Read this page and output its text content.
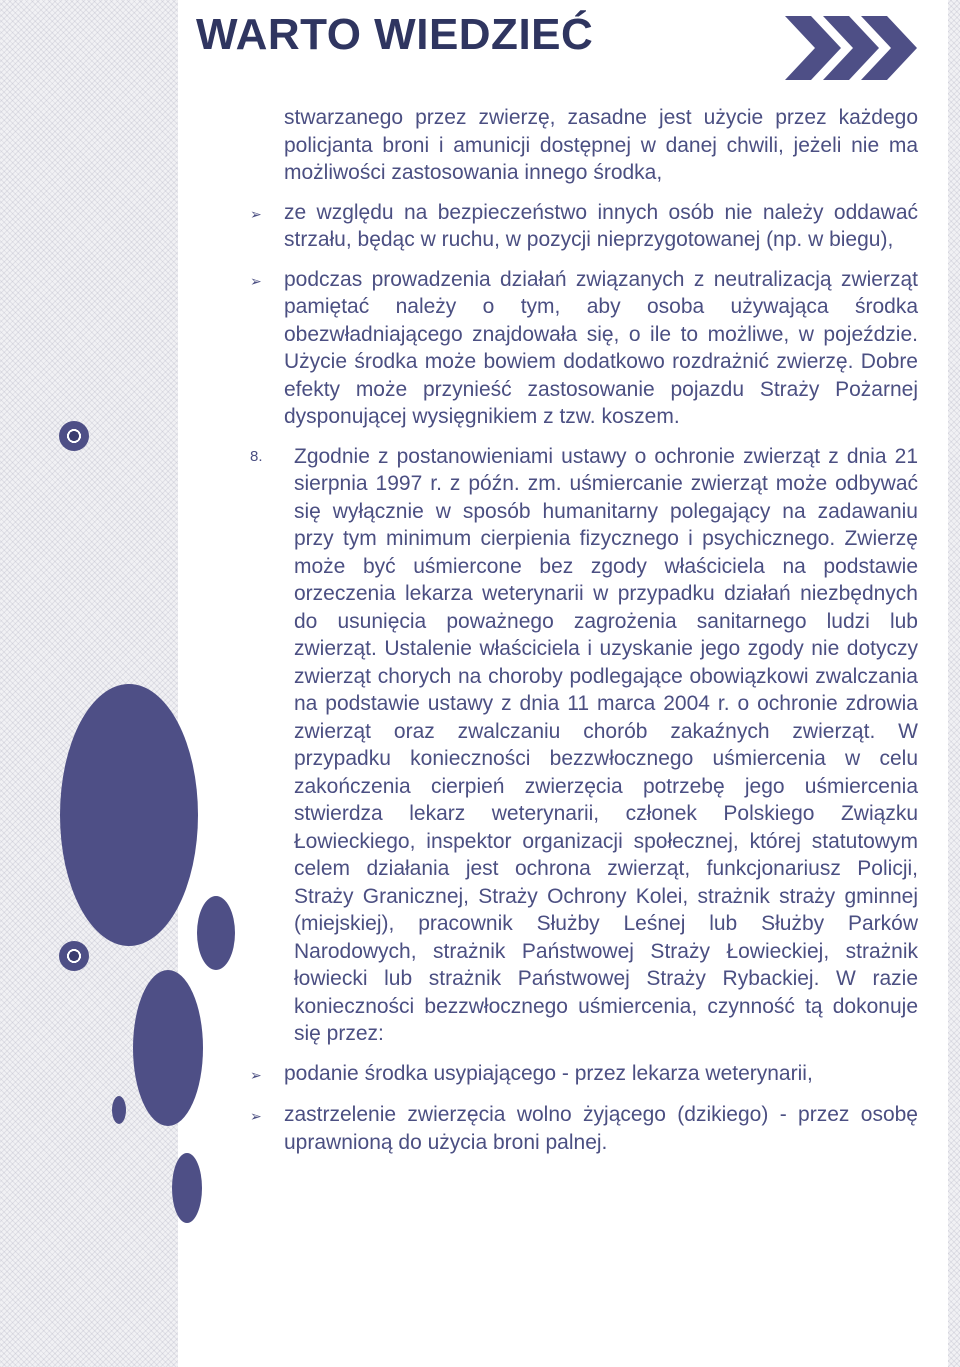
WARTO WIEDZIEĆ

stwarzanego przez zwierzę, zasadne jest użycie przez każdego policjanta broni i amunicji dostępnej w danej chwili, jeżeli nie ma możliwości zastosowania innego środka,

➢	ze względu na bezpieczeństwo innych osób nie należy oddawać strzału, będąc w ruchu, w pozycji nieprzygotowanej (np. w biegu),

➢	podczas prowadzenia działań związanych z neutralizacją zwierząt pamiętać należy o tym, aby osoba używająca środka obezwładniającego znajdowała się, o ile to możliwe, w pojeździe. Użycie środka może bowiem dodatkowo rozdrażnić zwierzę. Dobre efekty może przynieść zastosowanie pojazdu Straży Pożarnej dysponującej wysięgnikiem z tzw. koszem.

8.	Zgodnie z postanowieniami ustawy o ochronie zwierząt z dnia 21 sierpnia 1997 r. z późn. zm. uśmiercanie zwierząt może odbywać się wyłącznie w sposób humanitarny polegający na zadawaniu przy tym minimum cierpienia fizycznego i psychicznego. Zwierzę może być uśmiercone bez zgody właściciela na podstawie orzeczenia lekarza weterynarii w przypadku działań niezbędnych do usunięcia poważnego zagrożenia sanitarnego ludzi lub zwierząt. Ustalenie właściciela i uzyskanie jego zgody nie dotyczy zwierząt chorych na choroby podlegające obowiązkowi zwalczania na podstawie ustawy z dnia 11 marca 2004 r. o ochronie zdrowia zwierząt oraz zwalczaniu chorób zakaźnych zwierząt. W przypadku konieczności bezzwłocznego uśmiercenia w celu zakończenia cierpień zwierzęcia potrzebę jego uśmiercenia stwierdza lekarz weterynarii, członek Polskiego Związku Łowieckiego, inspektor organizacji społecznej, której statutowym celem działania jest ochrona zwierząt, funkcjonariusz Policji, Straży Granicznej, Straży Ochrony Kolei, strażnik straży gminnej (miejskiej), pracownik Służby Leśnej lub Służby Parków Narodowych, strażnik Państwowej Straży Łowieckiej, strażnik łowiecki lub strażnik Państwowej Straży Rybackiej. W razie konieczności bezzwłocznego uśmiercenia, czynność tą dokonuje się przez:

➢	podanie środka usypiającego - przez lekarza weterynarii,

➢	zastrzelenie zwierzęcia wolno żyjącego (dzikiego) - przez osobę uprawnioną do użycia broni palnej.
